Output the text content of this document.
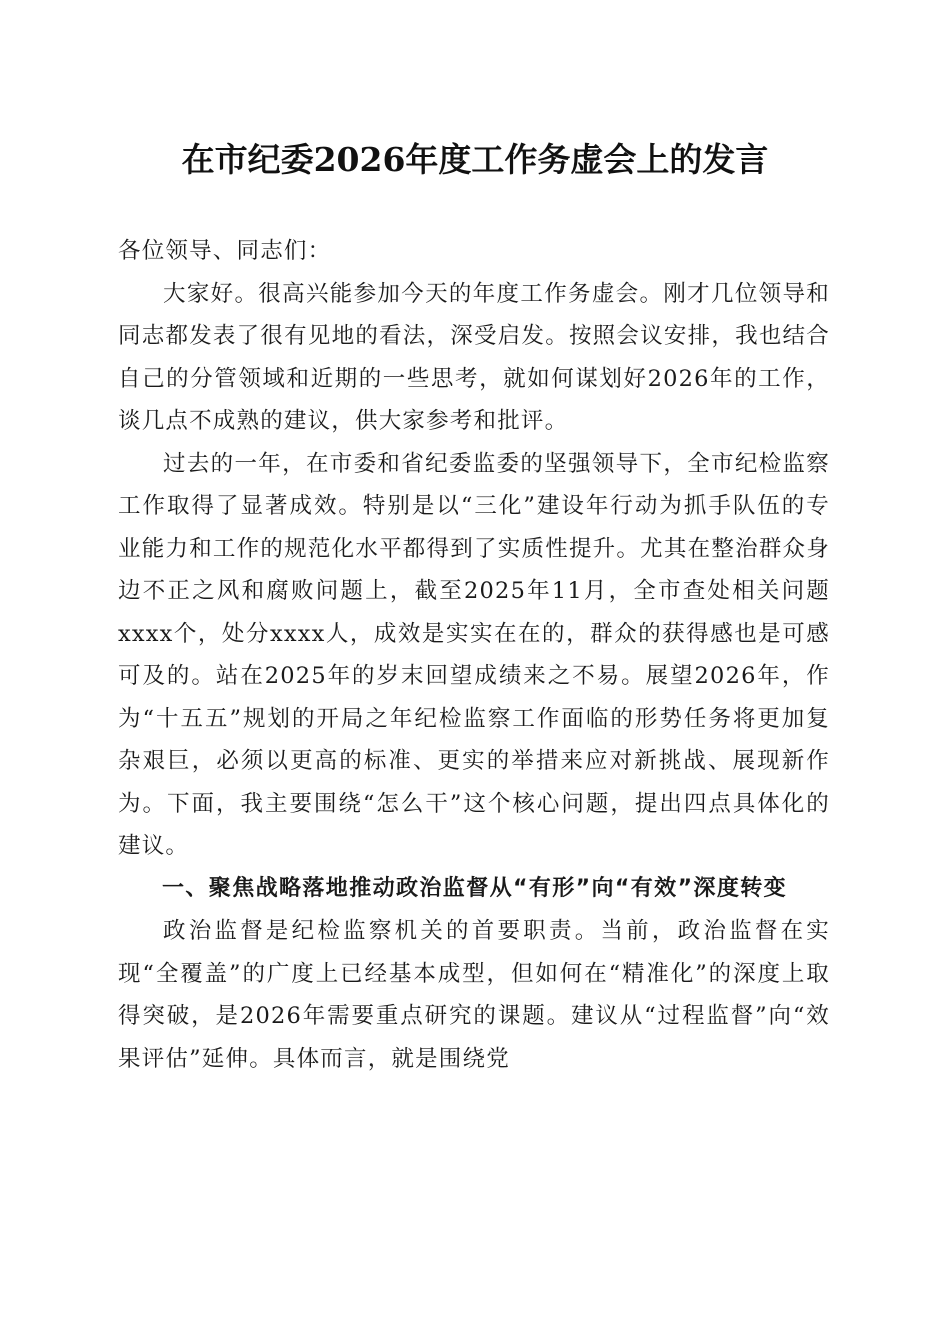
在市纪委2026年度工作务虚会上的发言

各位领导、同志们：

大家好。很高兴能参加今天的年度工作务虚会。刚才几位领导和同志都发表了很有见地的看法，深受启发。按照会议安排，我也结合自己的分管领域和近期的一些思考，就如何谋划好2026年的工作，谈几点不成熟的建议，供大家参考和批评。

过去的一年，在市委和省纪委监委的坚强领导下，全市纪检监察工作取得了显著成效。特别是以“三化”建设年行动为抓手队伍的专业能力和工作的规范化水平都得到了实质性提升。尤其在整治群众身边不正之风和腐败问题上，截至2025年11月，全市查处相关问题xxxx个，处分xxxx人，成效是实实在在的，群众的获得感也是可感可及的。站在2025年的岁末回望成绩来之不易。展望2026年，作为“十五五”规划的开局之年纪检监察工作面临的形势任务将更加复杂艰巨，必须以更高的标准、更实的举措来应对新挑战、展现新作为。下面，我主要围绕“怎么干”这个核心问题，提出四点具体化的建议。

一、聚焦战略落地推动政治监督从“有形”向“有效”深度转变

政治监督是纪检监察机关的首要职责。当前，政治监督在实现“全覆盖”的广度上已经基本成型，但如何在“精准化”的深度上取得突破，是2026年需要重点研究的课题。建议从“过程监督”向“效果评估”延伸。具体而言，就是围绕党
